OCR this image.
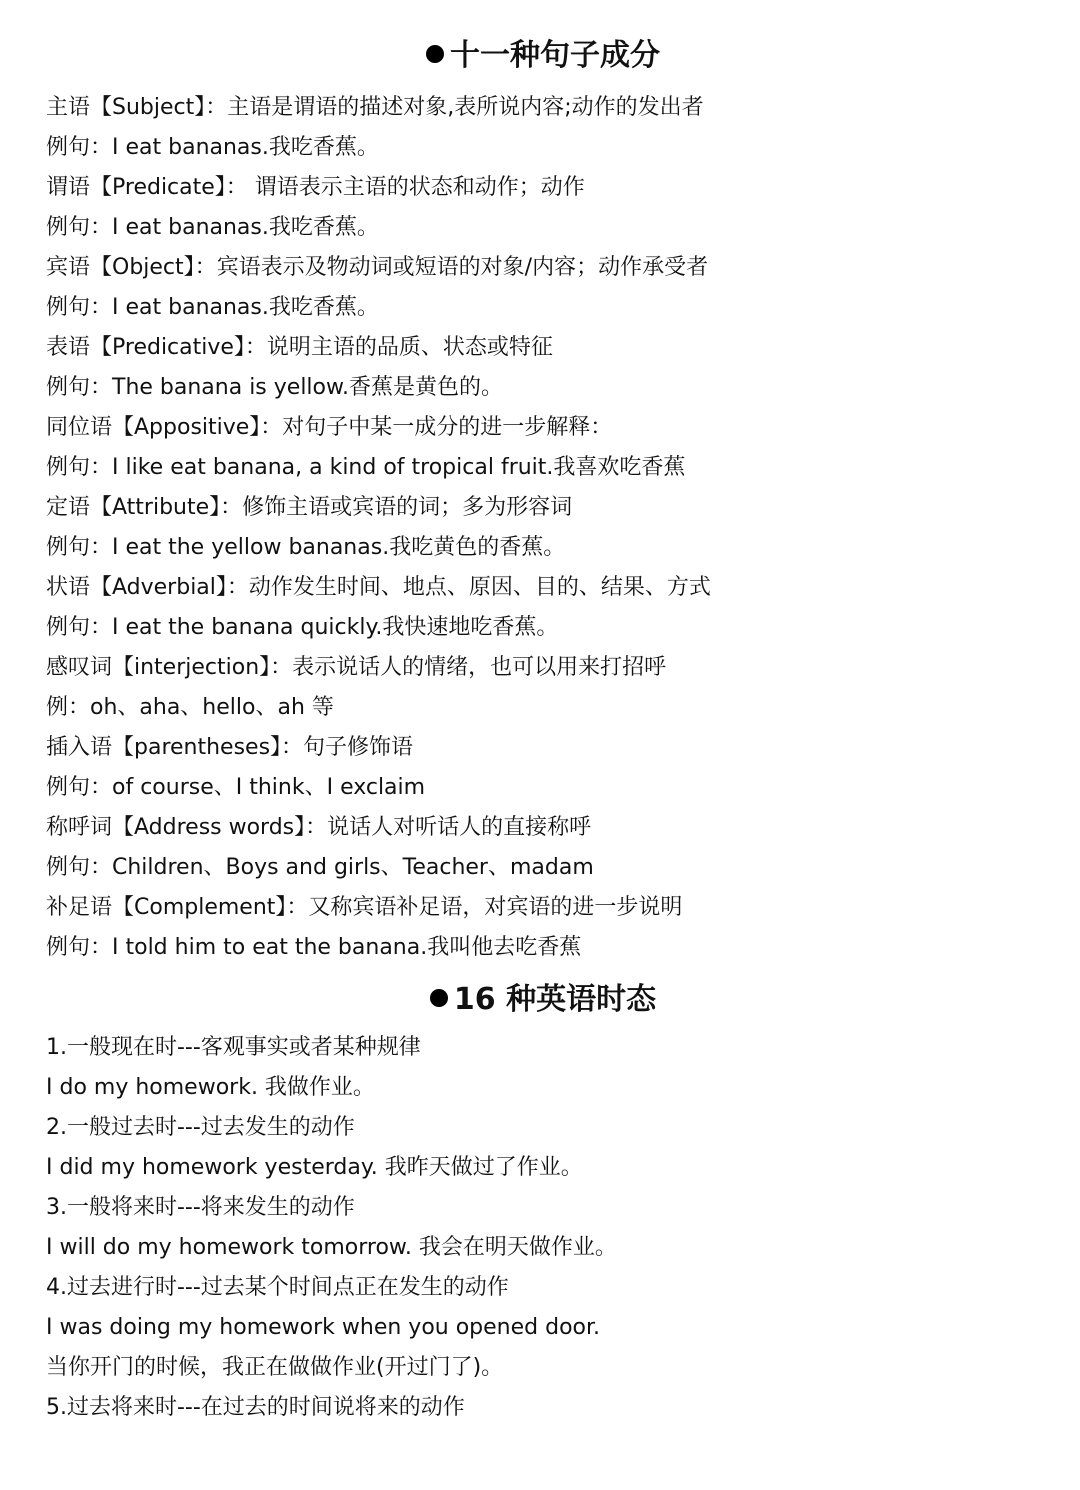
十一种句子成分
主语【Subject】：主语是谓语的描述对象,表所说内容;动作的发出者
例句：I eat bananas.我吃香蕉。
谓语【Predicate】： 谓语表示主语的状态和动作；动作
例句：I eat bananas.我吃香蕉。
宾语【Object】：宾语表示及物动词或短语的对象/内容；动作承受者
例句：I eat bananas.我吃香蕉。
表语【Predicative】：说明主语的品质、状态或特征
例句：The banana is yellow.香蕉是黄色的。
同位语【Appositive】：对句子中某一成分的进一步解释：
例句：I like eat banana, a kind of tropical fruit.我喜欢吃香蕉
定语【Attribute】：修饰主语或宾语的词；多为形容词
例句：I eat the yellow bananas.我吃黄色的香蕉。
状语【Adverbial】：动作发生时间、地点、原因、目的、结果、方式
例句：I eat the banana quickly.我快速地吃香蕉。
感叹词【interjection】：表示说话人的情绪，也可以用来打招呼
例：oh、aha、hello、ah 等
插入语【parentheses】：句子修饰语
例句：of course、I think、I exclaim
称呼词【Address words】：说话人对听话人的直接称呼
例句：Children、Boys and girls、Teacher、madam
补足语【Complement】：又称宾语补足语，对宾语的进一步说明
例句：I told him to eat the banana.我叫他去吃香蕉
16 种英语时态
1.一般现在时---客观事实或者某种规律
I do my homework. 我做作业。
2.一般过去时---过去发生的动作
I did my homework yesterday. 我昨天做过了作业。
3.一般将来时---将来发生的动作
I will do my homework tomorrow. 我会在明天做作业。
4.过去进行时---过去某个时间点正在发生的动作
I was doing my homework when you opened door.
当你开门的时候，我正在做做作业(开过门了)。
5.过去将来时---在过去的时间说将来的动作
